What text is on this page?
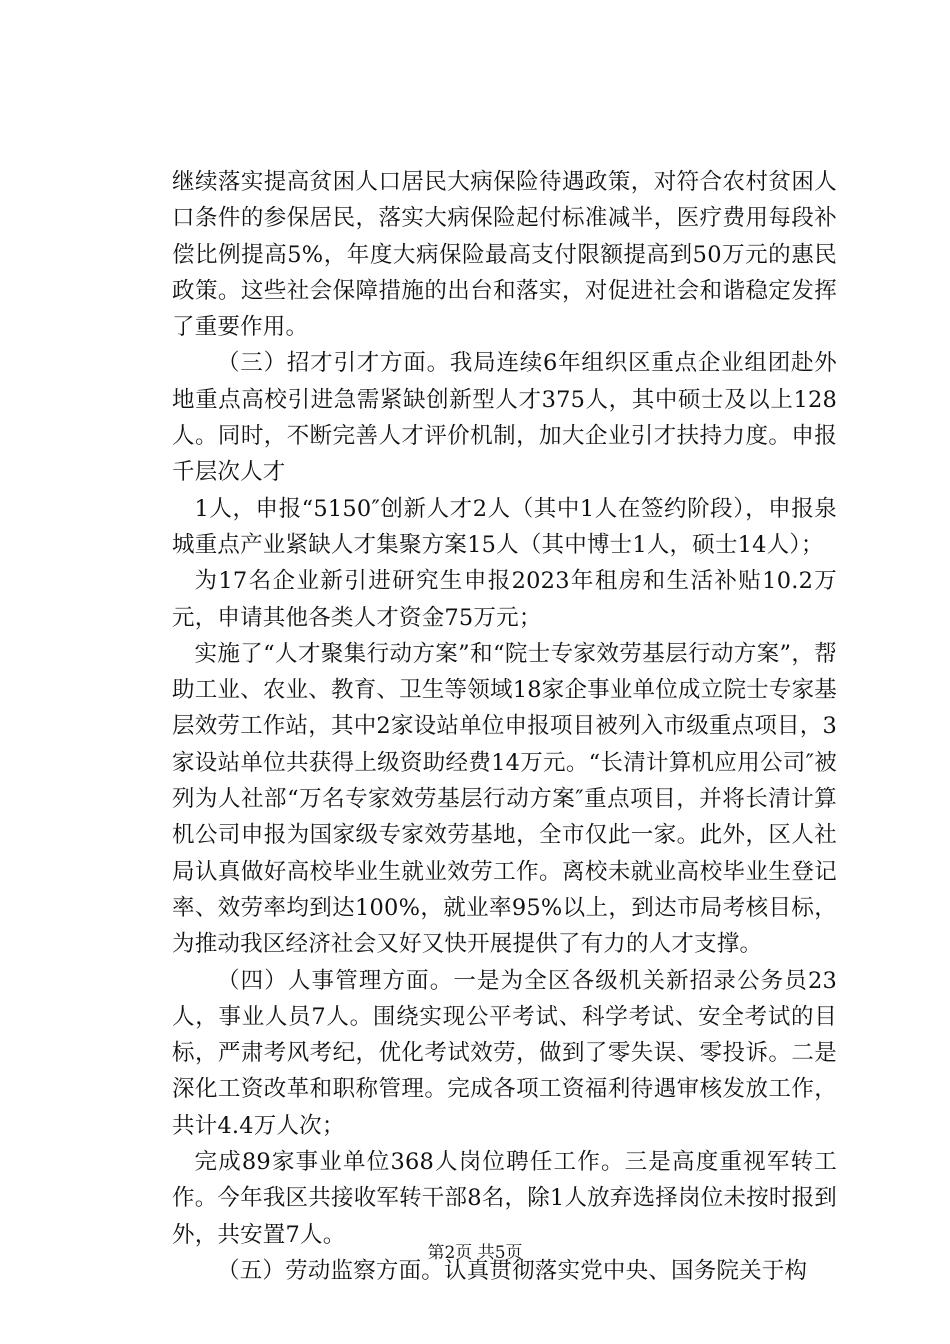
继续落实提高贫困人口居民大病保险待遇政策，对符合农村贫困人口条件的参保居民，落实大病保险起付标准减半，医疗费用每段补偿比例提高5%，年度大病保险最高支付限额提高到50万元的惠民政策。这些社会保障措施的出台和落实，对促进社会和谐稳定发挥了重要作用。

（三）招才引才方面。我局连续6年组织区重点企业组团赴外地重点高校引进急需紧缺创新型人才375人，其中硕士及以上128人。同时，不断完善人才评价机制，加大企业引才扶持力度。申报千层次人才

1人，申报“5150″创新人才2人（其中1人在签约阶段），申报泉城重点产业紧缺人才集聚方案15人（其中博士1人，硕士14人）；

为17名企业新引进研究生申报2023年租房和生活补贴10.2万元，申请其他各类人才资金75万元；

实施了“人才聚集行动方案”和“院士专家效劳基层行动方案”，帮助工业、农业、教育、卫生等领域18家企事业单位成立院士专家基层效劳工作站，其中2家设站单位申报项目被列入市级重点项目，3家设站单位共获得上级资助经费14万元。“长清计算机应用公司″被列为人社部“万名专家效劳基层行动方案″重点项目，并将长清计算机公司申报为国家级专家效劳基地，全市仅此一家。此外，区人社局认真做好高校毕业生就业效劳工作。离校未就业高校毕业生登记率、效劳率均到达100%，就业率95%以上，到达市局考核目标，为推动我区经济社会又好又快开展提供了有力的人才支撑。

（四）人事管理方面。一是为全区各级机关新招录公务员23人，事业人员7人。围绕实现公平考试、科学考试、安全考试的目标，严肃考风考纪，优化考试效劳，做到了零失误、零投诉。二是深化工资改革和职称管理。完成各项工资福利待遇审核发放工作，共计4.4万人次；

完成89家事业单位368人岗位聘任工作。三是高度重视军转工作。今年我区共接收军转干部8名，除1人放弃选择岗位未按时报到外，共安置7人。

（五）劳动监察方面。认真贯彻落实党中央、国务院关于构

第2页 共5页
